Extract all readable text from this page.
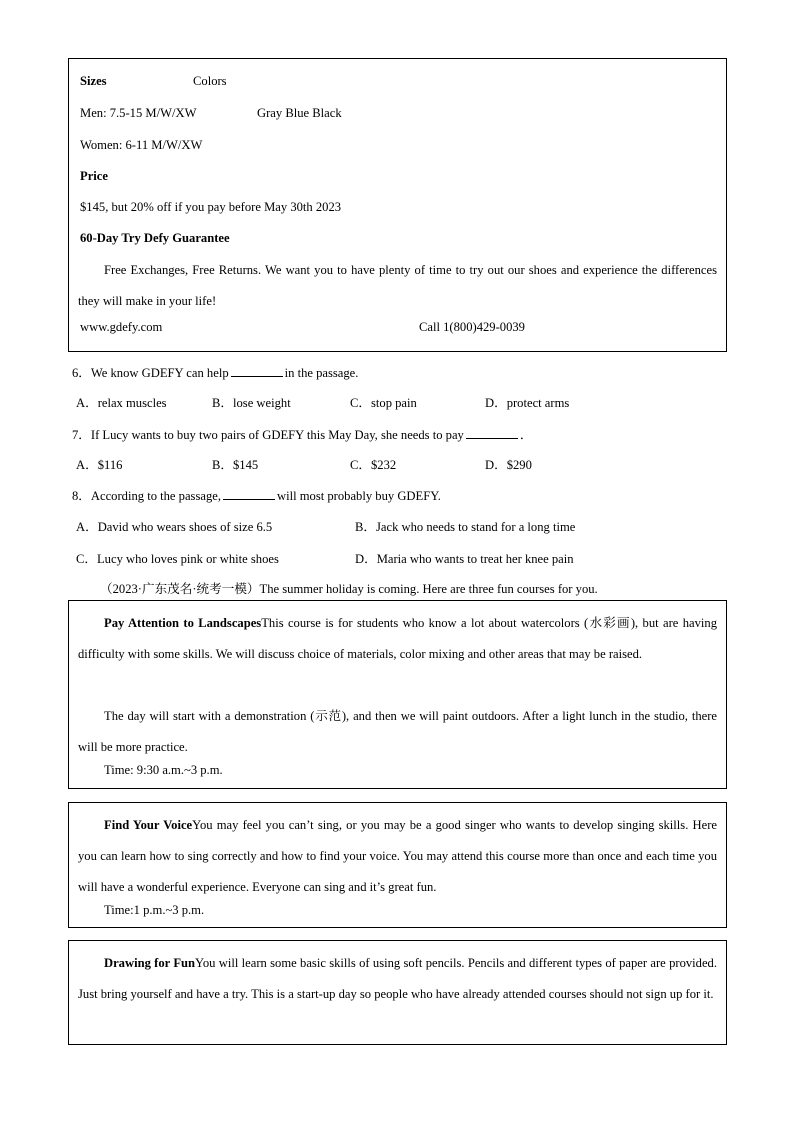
Sizes	Colors
Men: 7.5-15 M/W/XW	Gray Blue Black
Women: 6-11 M/W/XW
Price
$145, but 20% off if you pay before May 30th 2023
60-Day Try Defy Guarantee
Free Exchanges, Free Returns. We want you to have plenty of time to try out our shoes and experience the differences they will make in your life!
www.gdefy.com	Call 1(800)429-0039
6．We know GDEFY can help	in the passage.
A．relax muscles	B．lose weight	C．stop pain	D．protect arms
7．If Lucy wants to buy two pairs of GDEFY this May Day, she needs to pay	．
A．$116	B．$145	C．$232	D．$290
8．According to the passage,	will most probably buy GDEFY.
A．David who wears shoes of size 6.5	B．Jack who needs to stand for a long time
C．Lucy who loves pink or white shoes	D．Maria who wants to treat her knee pain
（2023·广东茂名·统考一模）The summer holiday is coming. Here are three fun courses for you.
Pay Attention to LandscapesThis course is for students who know a lot about watercolors (水彩画), but are having difficulty with some skills. We will discuss choice of materials, color mixing and other areas that may be raised.
The day will start with a demonstration (示范), and then we will paint outdoors. After a light lunch in the studio, there will be more practice.
Time: 9:30 a.m.~3 p.m.
Find Your VoiceYou may feel you can’t sing, or you may be a good singer who wants to develop singing skills. Here you can learn how to sing correctly and how to find your voice. You may attend this course more than once and each time you will have a wonderful experience. Everyone can sing and it’s great fun.
Time:1 p.m.~3 p.m.
Drawing for FunYou will learn some basic skills of using soft pencils. Pencils and different types of paper are provided. Just bring yourself and have a try. This is a start-up day so people who have already attended courses should not sign up for it.
